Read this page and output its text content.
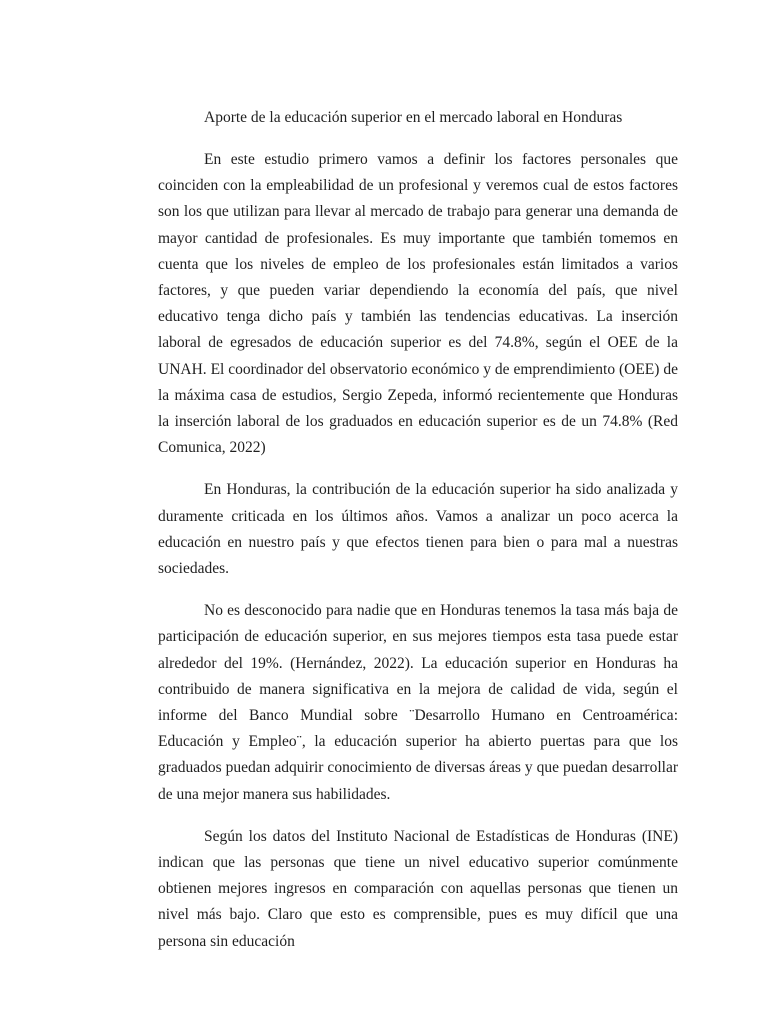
Aporte de la educación superior en el mercado laboral en Honduras

En este estudio primero vamos a definir los factores personales que coinciden con la empleabilidad de un profesional y veremos cual de estos factores son los que utilizan para llevar al mercado de trabajo para generar una demanda de mayor cantidad de profesionales. Es muy importante que también tomemos en cuenta que los niveles de empleo de los profesionales están limitados a varios factores, y que pueden variar dependiendo la economía del país, que nivel educativo tenga dicho país y también las tendencias educativas. La inserción laboral de egresados de educación superior es del 74.8%, según el OEE de la UNAH. El coordinador del observatorio económico y de emprendimiento (OEE) de la máxima casa de estudios, Sergio Zepeda, informó recientemente que Honduras la inserción laboral de los graduados en educación superior es de un 74.8% (Red Comunica, 2022)

En Honduras, la contribución de la educación superior ha sido analizada y duramente criticada en los últimos años. Vamos a analizar un poco acerca la educación en nuestro país y que efectos tienen para bien o para mal a nuestras sociedades.

No es desconocido para nadie que en Honduras tenemos la tasa más baja de participación de educación superior, en sus mejores tiempos esta tasa puede estar alrededor del 19%. (Hernández, 2022). La educación superior en Honduras ha contribuido de manera significativa en la mejora de calidad de vida, según el informe del Banco Mundial sobre ¨Desarrollo Humano en Centroamérica: Educación y Empleo¨, la educación superior ha abierto puertas para que los graduados puedan adquirir conocimiento de diversas áreas y que puedan desarrollar de una mejor manera sus habilidades.

Según los datos del Instituto Nacional de Estadísticas de Honduras (INE) indican que las personas que tiene un nivel educativo superior comúnmente obtienen mejores ingresos en comparación con aquellas personas que tienen un nivel más bajo. Claro que esto es comprensible, pues es muy difícil que una persona sin educación
